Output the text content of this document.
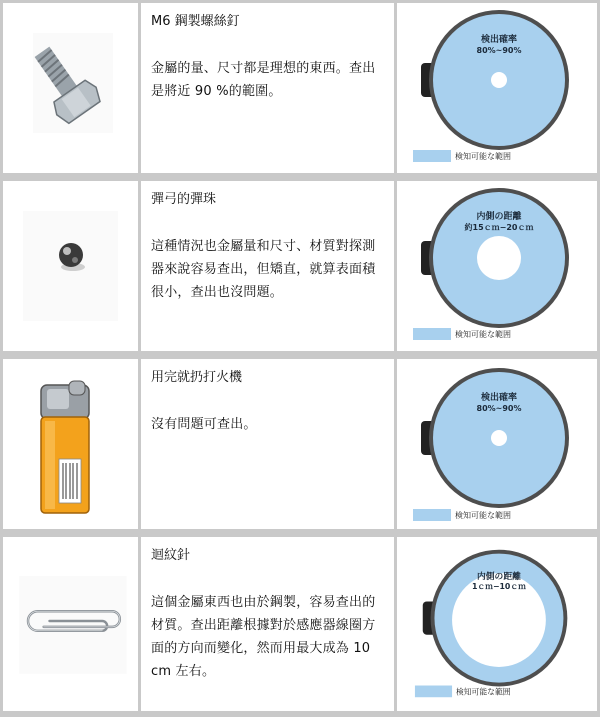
M6 鋼製螺絲釘
金屬的量、尺寸都是理想的東西。查出是將近 90 %的範圍。
検出確率
80%~90%
検知可能な範囲
彈弓的彈珠
這種情況也金屬量和尺寸、材質對探測器來說容易查出，但矯直，就算表面積很小，查出也沒問題。
内側の距離
約15ｃｍ−20ｃｍ
検知可能な範囲
用完就扔打火機
沒有問題可查出。
検出確率
80%~90%
検知可能な範囲
迴紋針
這個金屬東西也由於鋼製，容易查出的材質。查出距離根據對於感應器線圈方面的方向而變化，然而用最大成為 10 cm 左右。
内側の距離
1ｃｍ−10ｃｍ
検知可能な範囲
